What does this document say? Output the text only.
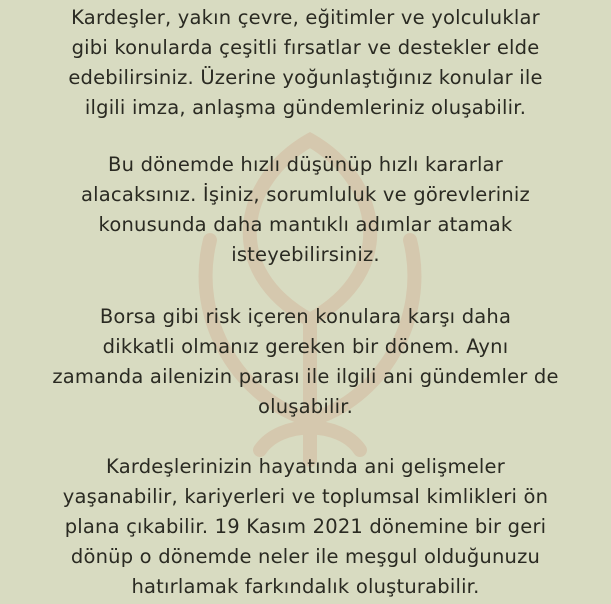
Kardeşler, yakın çevre, eğitimler ve yolculuklar
gibi konularda çeşitli fırsatlar ve destekler elde
edebilirsiniz. Üzerine yoğunlaştığınız konular ile
ilgili imza, anlaşma gündemleriniz oluşabilir.
Bu dönemde hızlı düşünüp hızlı kararlar
alacaksınız. İşiniz, sorumluluk ve görevleriniz
konusunda daha mantıklı adımlar atamak
isteyebilirsiniz.
Borsa gibi risk içeren konulara karşı daha
dikkatli olmanız gereken bir dönem. Aynı
zamanda ailenizin parası ile ilgili ani gündemler de
oluşabilir.
Kardeşlerinizin hayatında ani gelişmeler
yaşanabilir, kariyerleri ve toplumsal kimlikleri ön
plana çıkabilir. 19 Kasım 2021 dönemine bir geri
dönüp o dönemde neler ile meşgul olduğunuzu
hatırlamak farkındalık oluşturabilir.
